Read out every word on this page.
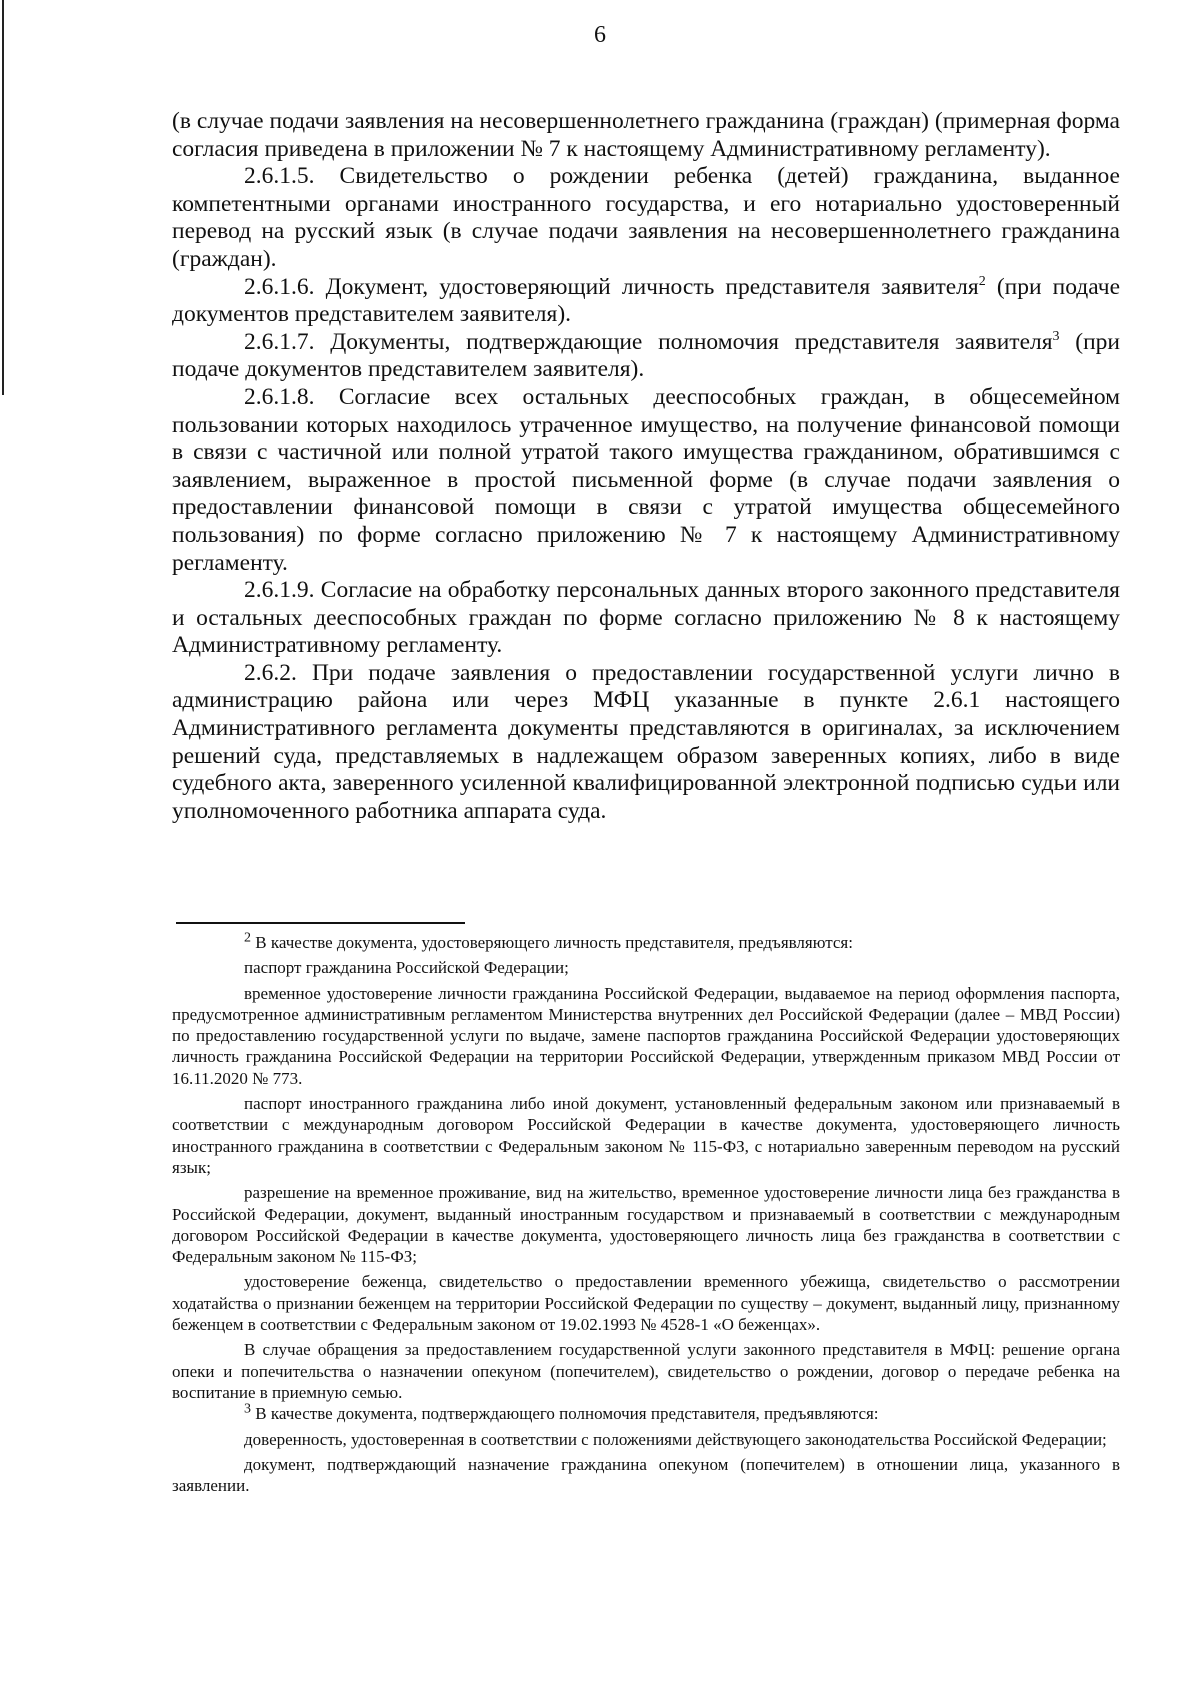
6

(в случае подачи заявления на несовершеннолетнего гражданина (граждан) (примерная форма согласия приведена в приложении № 7 к настоящему Административному регламенту).

2.6.1.5. Свидетельство о рождении ребенка (детей) гражданина, выданное компетентными органами иностранного государства, и его нотариально удостоверенный перевод на русский язык (в случае подачи заявления на несовершеннолетнего гражданина (граждан).

2.6.1.6. Документ, удостоверяющий личность представителя заявителя$^2$ (при подаче документов представителем заявителя).

2.6.1.7. Документы, подтверждающие полномочия представителя заявителя$^3$ (при подаче документов представителем заявителя).

2.6.1.8. Согласие всех остальных дееспособных граждан, в общесемейном пользовании которых находилось утраченное имущество, на получение финансовой помощи в связи с частичной или полной утратой такого имущества гражданином, обратившимся с заявлением, выраженное в простой письменной форме (в случае подачи заявления о предоставлении финансовой помощи в связи с утратой имущества общесемейного пользования) по форме согласно приложению № 7 к настоящему Административному регламенту.

2.6.1.9. Согласие на обработку персональных данных второго законного представителя и остальных дееспособных граждан по форме согласно приложению № 8 к настоящему Административному регламенту.

2.6.2. При подаче заявления о предоставлении государственной услуги лично в администрацию района или через МФЦ указанные в пункте 2.6.1 настоящего Административного регламента документы представляются в оригиналах, за исключением решений суда, представляемых в надлежащем образом заверенных копиях, либо в виде судебного акта, заверенного усиленной квалифицированной электронной подписью судьи или уполномоченного работника аппарата суда.

$^2$ В качестве документа, удостоверяющего личность представителя, предъявляются:

паспорт гражданина Российской Федерации;

временное удостоверение личности гражданина Российской Федерации, выдаваемое на период оформления паспорта, предусмотренное административным регламентом Министерства внутренних дел Российской Федерации (далее – МВД России) по предоставлению государственной услуги по выдаче, замене паспортов гражданина Российской Федерации удостоверяющих личность гражданина Российской Федерации на территории Российской Федерации, утвержденным приказом МВД России от 16.11.2020 № 773.

паспорт иностранного гражданина либо иной документ, установленный федеральным законом или признаваемый в соответствии с международным договором Российской Федерации в качестве документа, удостоверяющего личность иностранного гражданина в соответствии с Федеральным законом № 115-ФЗ, с нотариально заверенным переводом на русский язык;

разрешение на временное проживание, вид на жительство, временное удостоверение личности лица без гражданства в Российской Федерации, документ, выданный иностранным государством и признаваемый в соответствии с международным договором Российской Федерации в качестве документа, удостоверяющего личность лица без гражданства в соответствии с Федеральным законом № 115-ФЗ;

удостоверение беженца, свидетельство о предоставлении временного убежища, свидетельство о рассмотрении ходатайства о признании беженцем на территории Российской Федерации по существу – документ, выданный лицу, признанному беженцем в соответствии с Федеральным законом от 19.02.1993 № 4528-1 «О беженцах».

В случае обращения за предоставлением государственной услуги законного представителя в МФЦ: решение органа опеки и попечительства о назначении опекуном (попечителем), свидетельство о рождении, договор о передаче ребенка на воспитание в приемную семью.

$^3$ В качестве документа, подтверждающего полномочия представителя, предъявляются:

доверенность, удостоверенная в соответствии с положениями действующего законодательства Российской Федерации;

документ, подтверждающий назначение гражданина опекуном (попечителем) в отношении лица, указанного в заявлении.
